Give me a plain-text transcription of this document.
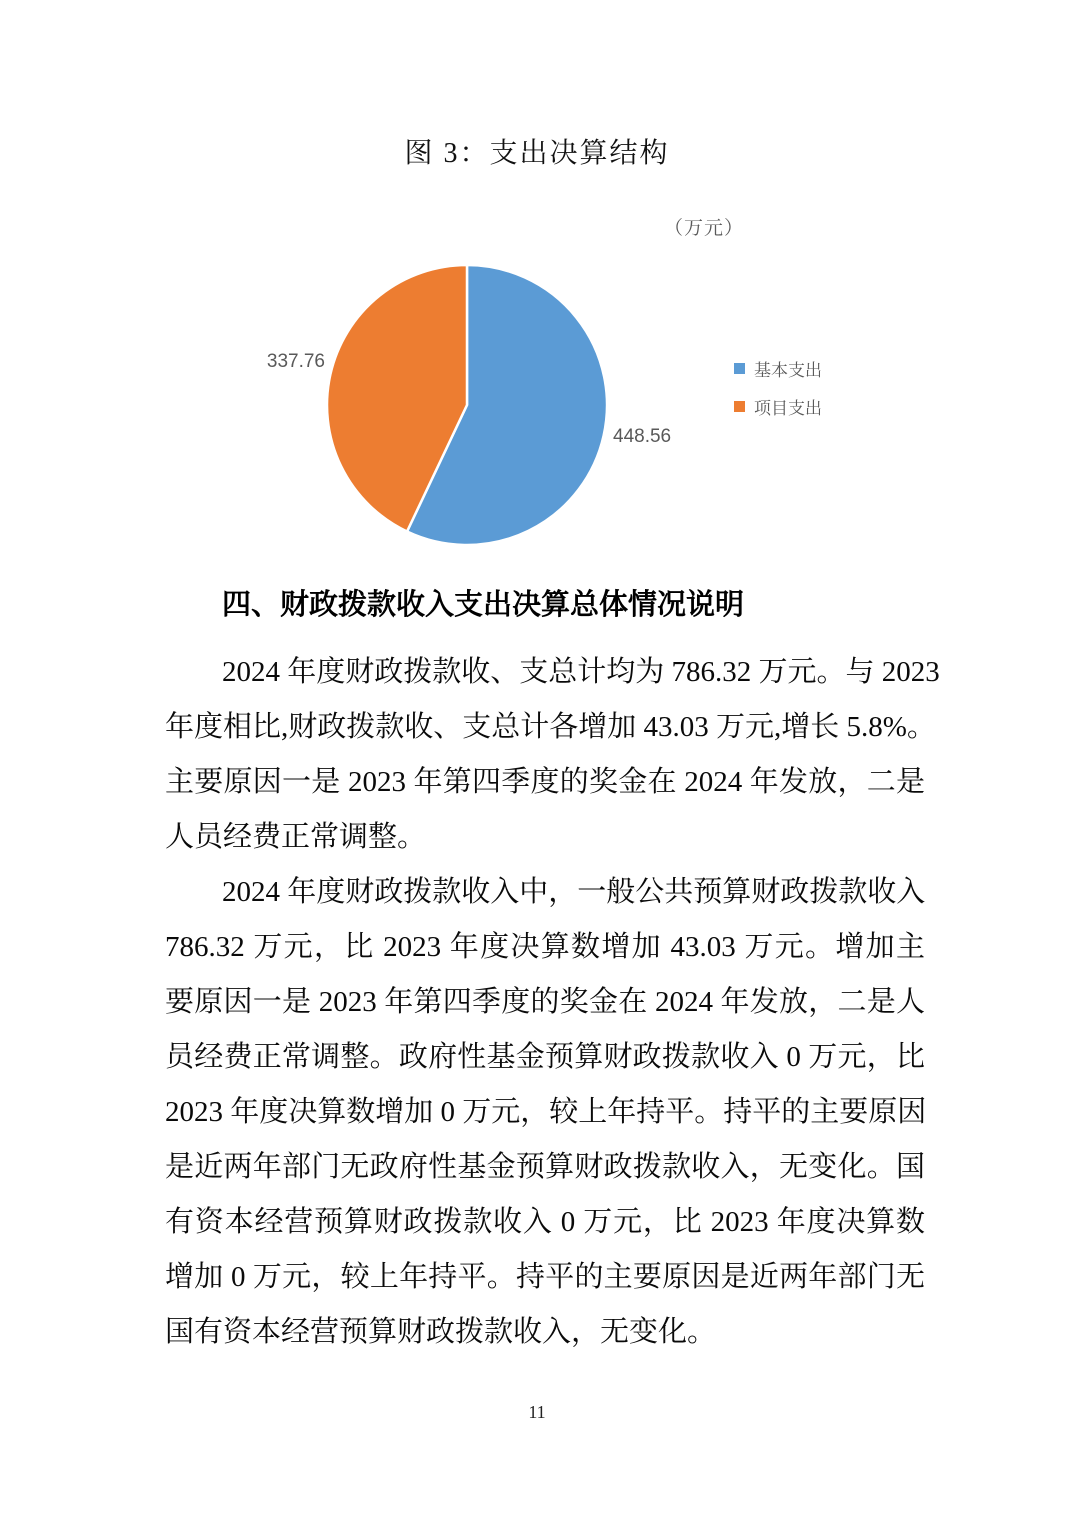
图 3：支出决算结构
（万元）
337.76
448.56
基本支出
项目支出
四、财政拨款收入支出决算总体情况说明
2024 年度财政拨款收、支总计均为 786.32 万元。与 2023
年度相比,财政拨款收、支总计各增加 43.03 万元,增长 5.8%。
主要原因一是 2023 年第四季度的奖金在 2024 年发放，二是
人员经费正常调整。
2024 年度财政拨款收入中，一般公共预算财政拨款收入
786.32 万元，比 2023 年度决算数增加 43.03 万元。增加主
要原因一是 2023 年第四季度的奖金在 2024 年发放，二是人
员经费正常调整。政府性基金预算财政拨款收入 0 万元，比
2023 年度决算数增加 0 万元，较上年持平。持平的主要原因
是近两年部门无政府性基金预算财政拨款收入，无变化。国
有资本经营预算财政拨款收入 0 万元，比 2023 年度决算数
增加 0 万元，较上年持平。持平的主要原因是近两年部门无
国有资本经营预算财政拨款收入，无变化。
11
